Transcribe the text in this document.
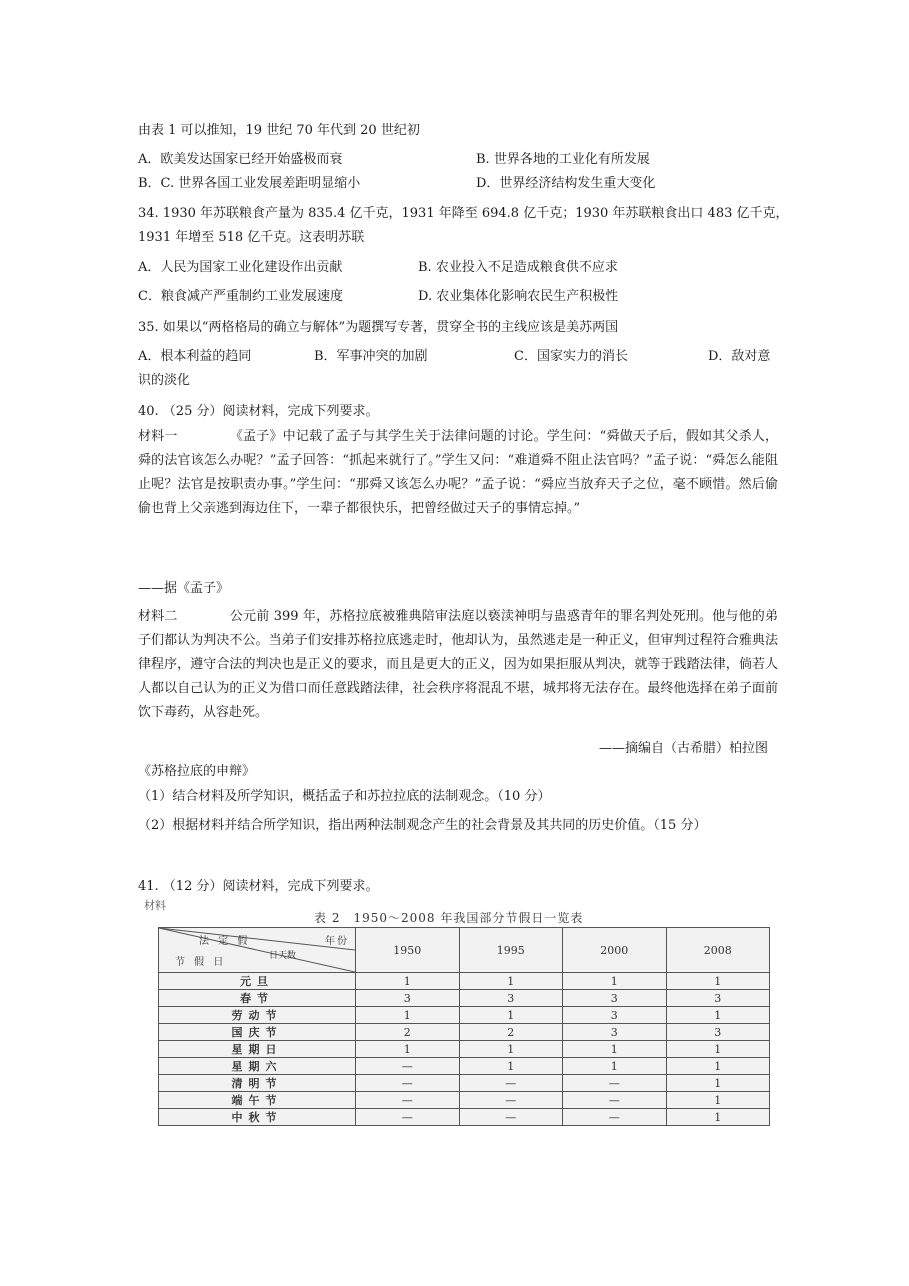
由表 1 可以推知，19 世纪 70 年代到 20 世纪初
A．欧美发达国家已经开始盛极而衰	B. 世界各地的工业化有所发展
B．C. 世界各国工业发展差距明显缩小	D．世界经济结构发生重大变化
34. 1930 年苏联粮食产量为 835.4 亿千克，1931 年降至 694.8 亿千克；1930 年苏联粮食出口 483 亿千克，
1931 年增至 518 亿千克。这表明苏联
A．人民为国家工业化建设作出贡献	B. 农业投入不足造成粮食供不应求
C．粮食减产严重制约工业发展速度	D. 农业集体化影响农民生产积极性
35. 如果以“两格格局的确立与解体”为题撰写专著，贯穿全书的主线应该是美苏两国
A．根本利益的趋同	B．军事冲突的加剧	C．国家实力的消长	D．敌对意
识的淡化
40. （25 分）阅读材料，完成下列要求。
材料一	《孟子》中记载了孟子与其学生关于法律问题的讨论。学生问：“舜做天子后，假如其父杀人，舜的法官该怎么办呢？”孟子回答：“抓起来就行了。”学生又问：“难道舜不阻止法官吗？”孟子说：“舜怎么能阻止呢？法官是按职责办事。”学生问：“那舜又该怎么办呢？”孟子说：“舜应当放弃天子之位，毫不顾惜。然后偷偷也背上父亲逃到海边住下，一辈子都很快乐，把曾经做过天子的事情忘掉。”
——据《孟子》
材料二	公元前 399 年，苏格拉底被雅典陪审法庭以亵渎神明与蛊惑青年的罪名判处死刑。他与他的弟子们都认为判决不公。当弟子们安排苏格拉底逃走时，他却认为，虽然逃走是一种正义，但审判过程符合雅典法律程序，遵守合法的判决也是正义的要求，而且是更大的正义，因为如果拒服从判决，就等于践踏法律，倘若人人都以自己认为的正义为借口而任意践踏法律，社会秩序将混乱不堪，城邦将无法存在。最终他选择在弟子面前饮下毒药，从容赴死。
——摘编自（古希腊）柏拉图
《苏格拉底的申辩》
（1）结合材料及所学知识，概括孟子和苏拉拉底的法制观念。（10 分）
（2）根据材料并结合所学知识，指出两种法制观念产生的社会背景及其共同的历史价值。（15 分）
41. （12 分）阅读材料，完成下列要求。
材料
表 2　1950～2008 年我国部分节假日一览表
法 定 假 年份
日天数
节 假 日	1950	1995	2000	2008
元旦	1	1	1	1
春节	3	3	3	3
劳动节	1	1	3	1
国庆节	2	2	3	3
星期日	1	1	1	1
星期六	—	1	1	1
清明节	—	—	—	1
端午节	—	—	—	1
中秋节	—	—	—	1
